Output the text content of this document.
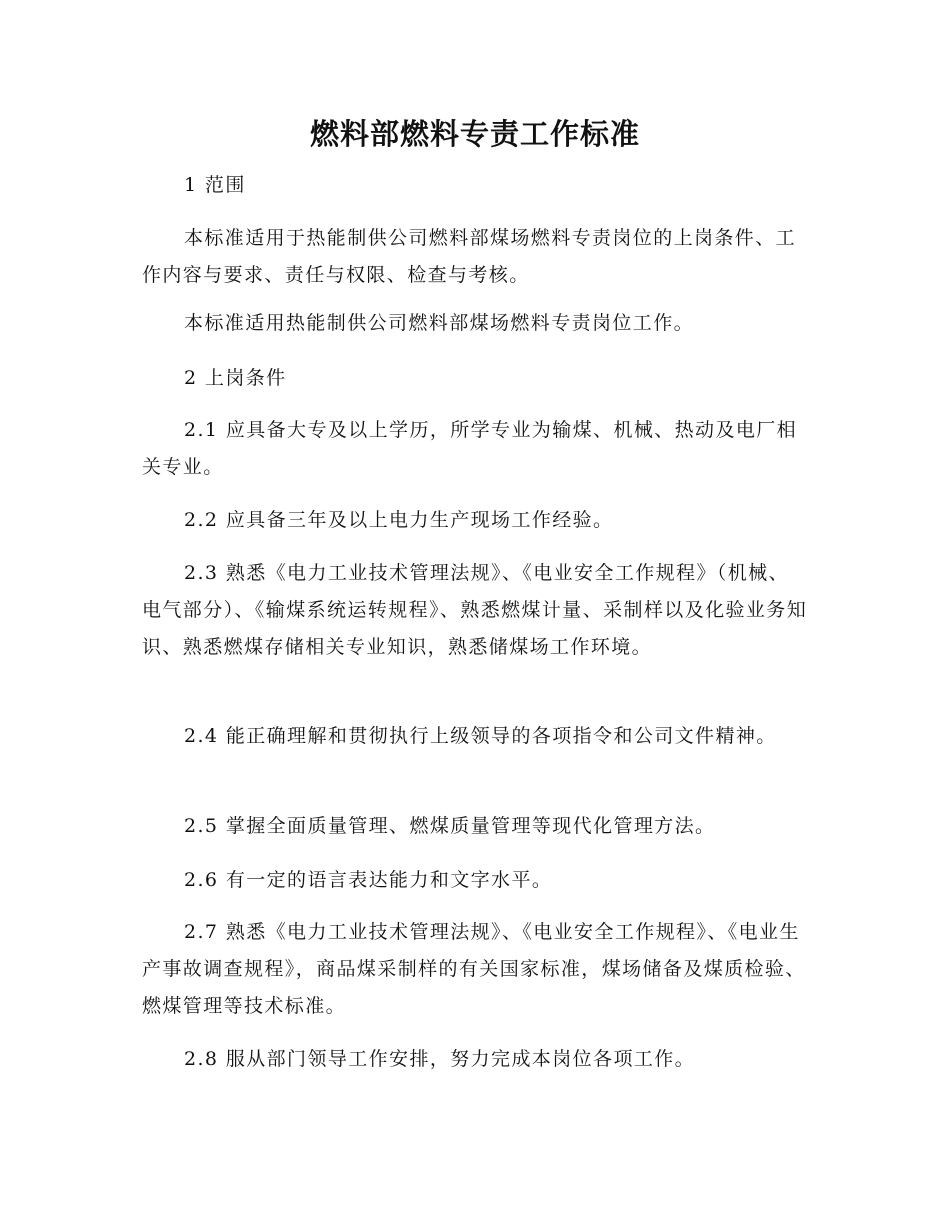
燃料部燃料专责工作标准
1 范围
本标准适用于热能制供公司燃料部煤场燃料专责岗位的上岗条件、工作内容与要求、责任与权限、检查与考核。
本标准适用热能制供公司燃料部煤场燃料专责岗位工作。
2 上岗条件
2.1 应具备大专及以上学历，所学专业为输煤、机械、热动及电厂相关专业。
2.2 应具备三年及以上电力生产现场工作经验。
2.3 熟悉《电力工业技术管理法规》、《电业安全工作规程》（机械、电气部分）、《输煤系统运转规程》、熟悉燃煤计量、采制样以及化验业务知识、熟悉燃煤存储相关专业知识，熟悉储煤场工作环境。
2.4 能正确理解和贯彻执行上级领导的各项指令和公司文件精神。
2.5 掌握全面质量管理、燃煤质量管理等现代化管理方法。
2.6 有一定的语言表达能力和文字水平。
2.7 熟悉《电力工业技术管理法规》、《电业安全工作规程》、《电业生产事故调查规程》，商品煤采制样的有关国家标准，煤场储备及煤质检验、燃煤管理等技术标准。
2.8 服从部门领导工作安排，努力完成本岗位各项工作。
